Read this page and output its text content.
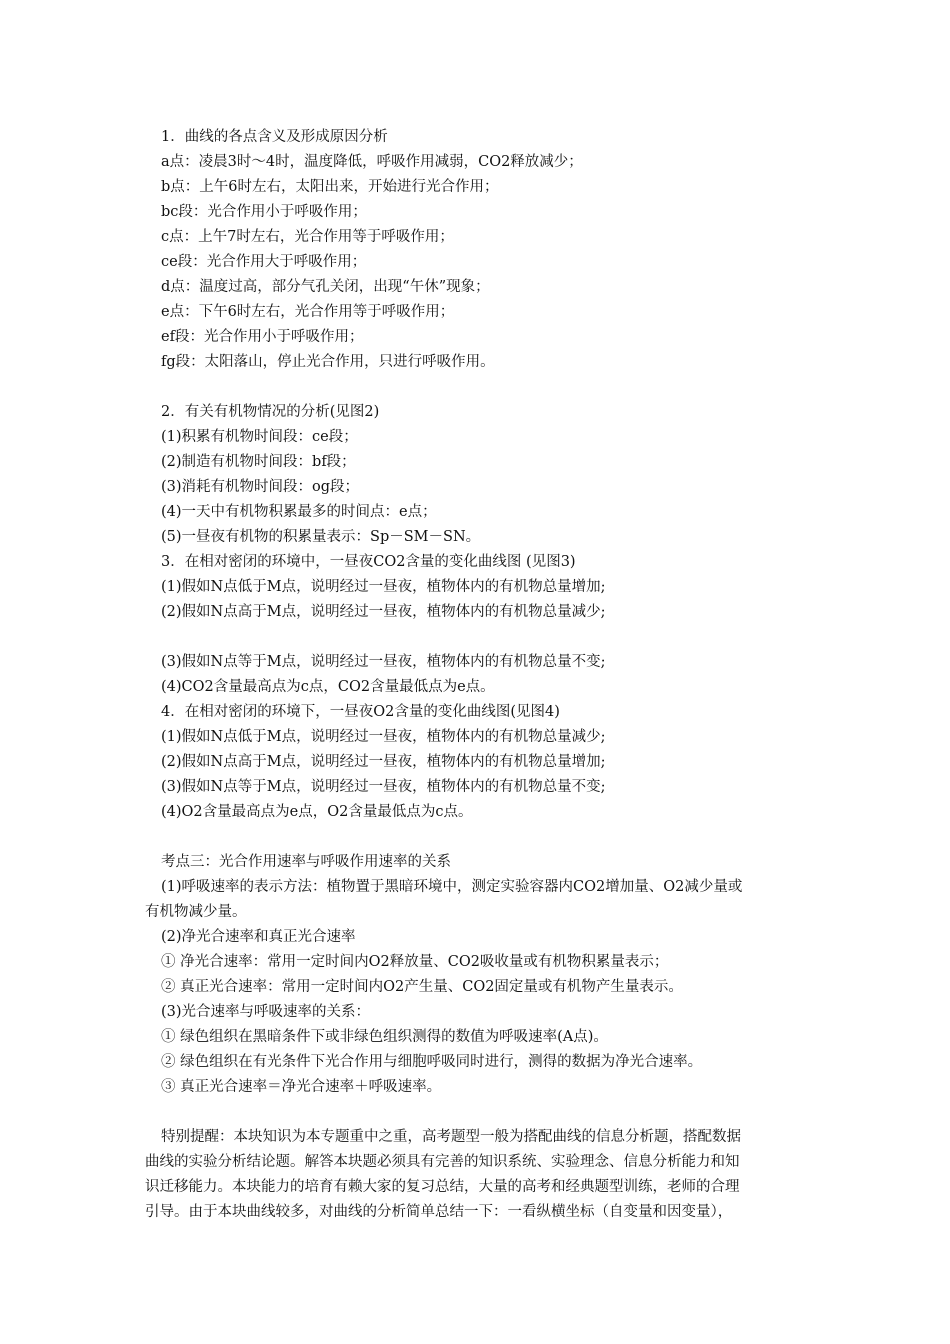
1．曲线的各点含义及形成原因分析
a点：凌晨3时～4时，温度降低，呼吸作用减弱，CO2释放减少；
b点：上午6时左右，太阳出来，开始进行光合作用；
bc段：光合作用小于呼吸作用；
c点：上午7时左右，光合作用等于呼吸作用；
ce段：光合作用大于呼吸作用；
d点：温度过高，部分气孔关闭，出现“午休”现象；
e点：下午6时左右，光合作用等于呼吸作用；
ef段：光合作用小于呼吸作用；
fg段：太阳落山，停止光合作用，只进行呼吸作用。
2．有关有机物情况的分析(见图2)
(1)积累有机物时间段：ce段；
(2)制造有机物时间段：bf段；
(3)消耗有机物时间段：og段；
(4)一天中有机物积累最多的时间点：e点；
(5)一昼夜有机物的积累量表示：Sp－SM－SN。
3．在相对密闭的环境中，一昼夜CO2含量的变化曲线图 (见图3)
(1)假如N点低于M点，说明经过一昼夜，植物体内的有机物总量增加;
(2)假如N点高于M点，说明经过一昼夜，植物体内的有机物总量减少;
(3)假如N点等于M点，说明经过一昼夜，植物体内的有机物总量不变;
(4)CO2含量最高点为c点，CO2含量最低点为e点。
4．在相对密闭的环境下，一昼夜O2含量的变化曲线图(见图4)
(1)假如N点低于M点，说明经过一昼夜，植物体内的有机物总量减少;
(2)假如N点高于M点，说明经过一昼夜，植物体内的有机物总量增加;
(3)假如N点等于M点，说明经过一昼夜，植物体内的有机物总量不变;
(4)O2含量最高点为e点，O2含量最低点为c点。
考点三：光合作用速率与呼吸作用速率的关系
(1)呼吸速率的表示方法：植物置于黑暗环境中，测定实验容器内CO2增加量、O2减少量或
有机物减少量。
(2)净光合速率和真正光合速率
① 净光合速率：常用一定时间内O2释放量、CO2吸收量或有机物积累量表示；
② 真正光合速率：常用一定时间内O2产生量、CO2固定量或有机物产生量表示。
(3)光合速率与呼吸速率的关系：
① 绿色组织在黑暗条件下或非绿色组织测得的数值为呼吸速率(A点)。
② 绿色组织在有光条件下光合作用与细胞呼吸同时进行，测得的数据为净光合速率。
③ 真正光合速率＝净光合速率＋呼吸速率。
特别提醒：本块知识为本专题重中之重，高考题型一般为搭配曲线的信息分析题，搭配数据
曲线的实验分析结论题。解答本块题必须具有完善的知识系统、实验理念、信息分析能力和知
识迁移能力。本块能力的培育有赖大家的复习总结，大量的高考和经典题型训练，老师的合理
引导。由于本块曲线较多，对曲线的分析简单总结一下：一看纵横坐标（自变量和因变量），
